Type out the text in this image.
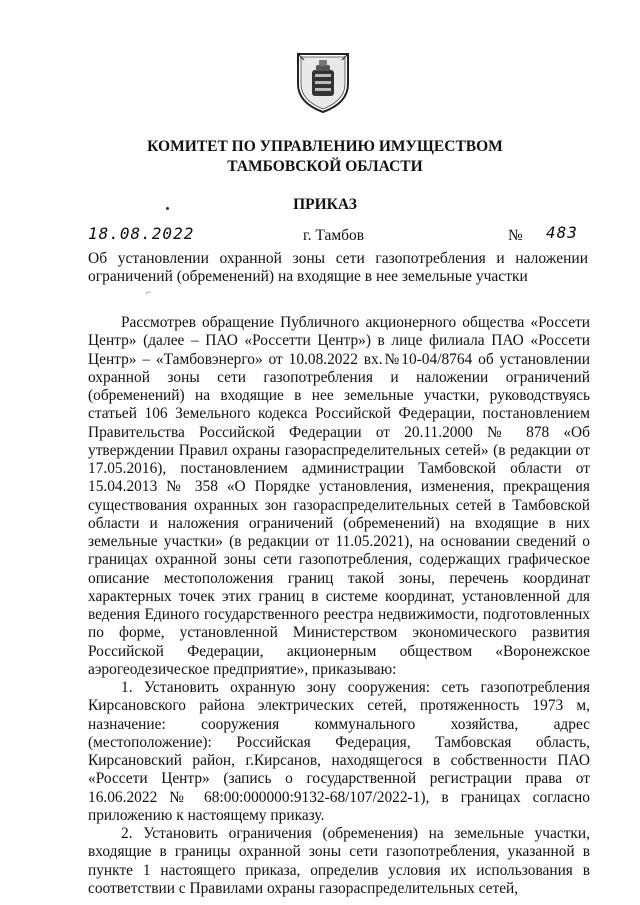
КОМИТЕТ ПО УПРАВЛЕНИЮ ИМУЩЕСТВОМ
ТАМБОВСКОЙ ОБЛАСТИ
ПРИКАЗ
18.08.2022	г. Тамбов	№ 483

Об установлении охранной зоны сети газопотребления и наложении ограничений (обременений) на входящие в нее земельные участки

⌐

Рассмотрев обращение Публичного акционерного общества «Россети Центр» (далее – ПАО «Россетти Центр») в лице филиала ПАО «Россети Центр» – «Тамбовэнерго» от 10.08.2022 вх.№10-04/8764 об установлении охранной зоны сети газопотребления и наложении ограничений (обременений) на входящие в нее земельные участки, руководствуясь статьей 106 Земельного кодекса Российской Федерации, постановлением Правительства Российской Федерации от 20.11.2000 № 878 «Об утверждении Правил охраны газораспределительных сетей» (в редакции от 17.05.2016), постановлением администрации Тамбовской области от 15.04.2013 № 358 «О Порядке установления, изменения, прекращения существования охранных зон газораспределительных сетей в Тамбовской области и наложения ограничений (обременений) на входящие в них земельные участки» (в редакции от 11.05.2021), на основании сведений о границах охранной зоны сети газопотребления, содержащих графическое описание местоположения границ такой зоны, перечень координат характерных точек этих границ в системе координат, установленной для ведения Единого государственного реестра недвижимости, подготовленных по форме, установленной Министерством экономического развития Российской Федерации, акционерным обществом «Воронежское аэрогеодезическое предприятие», приказываю:

1. Установить охранную зону сооружения: сеть газопотребления Кирсановского района электрических сетей, протяженность 1973 м, назначение: сооружения коммунального хозяйства, адрес (местоположение): Российская Федерация, Тамбовская область, Кирсановский район, г.Кирсанов, находящегося в собственности ПАО «Россети Центр» (запись о государственной регистрации права от 16.06.2022 № 68:00:000000:9132-68/107/2022-1), в границах согласно приложению к настоящему приказу.

2. Установить ограничения (обременения) на земельные участки, входящие в границы охранной зоны сети газопотребления, указанной в пункте 1 настоящего приказа, определив условия их использования в соответствии с Правилами охраны газораспределительных сетей,
